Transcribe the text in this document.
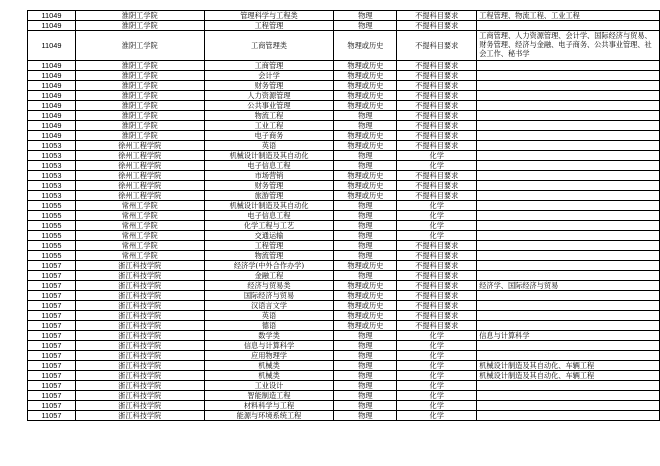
11049	淮阴工学院	管理科学与工程类	物理	不提科目要求	工程管理、物流工程、工业工程
11049	淮阴工学院	工程管理	物理	不提科目要求	
11049	淮阴工学院	工商管理类	物理或历史	不提科目要求	工商管理、人力资源管理、会计学、国际经济与贸易、财务管理、经济与金融、电子商务、公共事业管理、社会工作、秘书学
11049	淮阴工学院	工商管理	物理或历史	不提科目要求	
11049	淮阴工学院	会计学	物理或历史	不提科目要求	
11049	淮阴工学院	财务管理	物理或历史	不提科目要求	
11049	淮阴工学院	人力资源管理	物理或历史	不提科目要求	
11049	淮阴工学院	公共事业管理	物理或历史	不提科目要求	
11049	淮阴工学院	物流工程	物理	不提科目要求	
11049	淮阴工学院	工业工程	物理	不提科目要求	
11049	淮阴工学院	电子商务	物理或历史	不提科目要求	
11053	徐州工程学院	英语	物理或历史	不提科目要求	
11053	徐州工程学院	机械设计制造及其自动化	物理	化学	
11053	徐州工程学院	电子信息工程	物理	化学	
11053	徐州工程学院	市场营销	物理或历史	不提科目要求	
11053	徐州工程学院	财务管理	物理或历史	不提科目要求	
11053	徐州工程学院	旅游管理	物理或历史	不提科目要求	
11055	常州工学院	机械设计制造及其自动化	物理	化学	
11055	常州工学院	电子信息工程	物理	化学	
11055	常州工学院	化学工程与工艺	物理	化学	
11055	常州工学院	交通运输	物理	化学	
11055	常州工学院	工程管理	物理	不提科目要求	
11055	常州工学院	物流管理	物理	不提科目要求	
11057	浙江科技学院	经济学(中外合作办学)	物理或历史	不提科目要求	
11057	浙江科技学院	金融工程	物理	不提科目要求	
11057	浙江科技学院	经济与贸易类	物理或历史	不提科目要求	经济学、国际经济与贸易
11057	浙江科技学院	国际经济与贸易	物理或历史	不提科目要求	
11057	浙江科技学院	汉语言文学	物理或历史	不提科目要求	
11057	浙江科技学院	英语	物理或历史	不提科目要求	
11057	浙江科技学院	德语	物理或历史	不提科目要求	
11057	浙江科技学院	数学类	物理	化学	信息与计算科学
11057	浙江科技学院	信息与计算科学	物理	化学	
11057	浙江科技学院	应用物理学	物理	化学	
11057	浙江科技学院	机械类	物理	化学	机械设计制造及其自动化、车辆工程
11057	浙江科技学院	机械类	物理	化学	机械设计制造及其自动化、车辆工程
11057	浙江科技学院	工业设计	物理	化学	
11057	浙江科技学院	智能制造工程	物理	化学	
11057	浙江科技学院	材料科学与工程	物理	化学	
11057	浙江科技学院	能源与环境系统工程	物理	化学	
